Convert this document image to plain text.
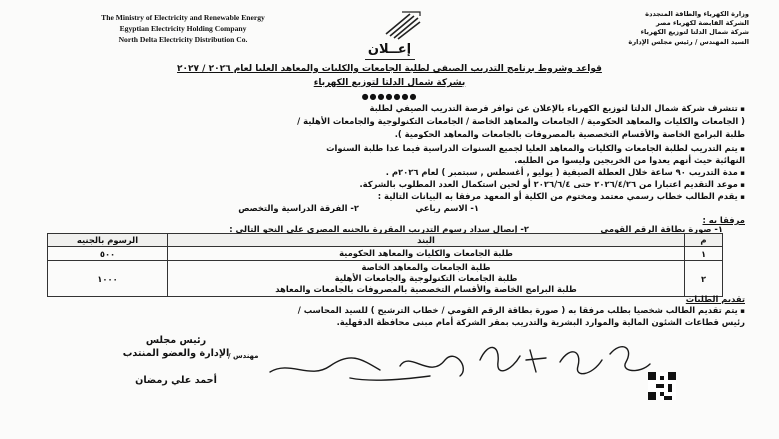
The Ministry of Electricity and Renewable Energy
Egyptian Electricity Holding Company
North Delta Electricity Distribution Co.
وزارة الكهرباء والطاقة المتجددة
الشركة القابضة لكهرباء مصر
شركة شمال الدلتا لتوزيع الكهرباء
السيد المهندس / رئيس مجلس الإدارة
إعــلان
قواعد وشروط برنامج التدريب الصيفي لطلبة الجامعات والكليات والمعاهد العليا لعام ٢٠٢٦ / ٢٠٢٧
بشركة شمال الدلتا لتوزيع الكهرباء
●●●●●●●
▪ تتشرف شركة شمال الدلتا لتوزيع الكهرباء بالإعلان عن توافر فرصة التدريب الصيفي لطلبة
( الجامعات والكليات والمعاهد الحكومية / الجامعات والمعاهد الخاصة / الجامعات التكنولوجية والجامعات الأهلية /
طلبة البرامج الخاصة والأقسام التخصصية بالمصروفات بالجامعات والمعاهد الحكومية ).
▪ يتم التدريب لطلبة الجامعات والكليات والمعاهد العليا لجميع السنوات الدراسية فيما عدا طلبة السنوات
النهائية حيث أنهم يعدوا من الخريجين وليسوا من الطلبه.
▪ مدة التدريب ٩٠ ساعة خلال العطلة الصيفية ( يوليو , أغسطس , سبتمبر ) لعام ٢٠٢٦م .
▪ موعد التقديم اعتبارا من ٢٠٢٦/٤/٢٦ حتى ٢٠٢٦/٦/٤ أو لحين استكمال العدد المطلوب بالشركة.
▪ يقدم الطالب خطاب رسمي معتمد ومختوم من الكلية أو المعهد مرفقا به البيانات التالية :
١- الاسم رباعي
٢- الفرقة الدراسية والتخصص
مرفقا به :
١- صورة بطاقة الرقم القومي
٢- إيصال سداد رسوم التدريب المقررة بالجنيه المصري على النحو التالي :
م	البند	الرسوم بالجنيه
١	طلبة الجامعات والكليات والمعاهد الحكومية	٥٠٠
٢	طلبة الجامعات والمعاهد الخاصة
طلبة الجامعات التكنولوجية والجامعات الأهلية
طلبة البرامج الخاصة والأقسام التخصصية بالمصروفات بالجامعات والمعاهد	١٠٠٠
تقديم الطلبات
▪ يتم تقديم الطالب شخصيا بطلب مرفقا به ( صورة بطاقة الرقم القومي / خطاب الترشيح ) للسيد المحاسب /
رئيس قطاعات الشئون المالية والموارد البشرية والتدريب بمقر الشركة أمام مبنى محافظة الدقهلية.
رئيس مجلس
الإدارة والعضو المنتدب
أحمد علي رمضان
مهندس /
